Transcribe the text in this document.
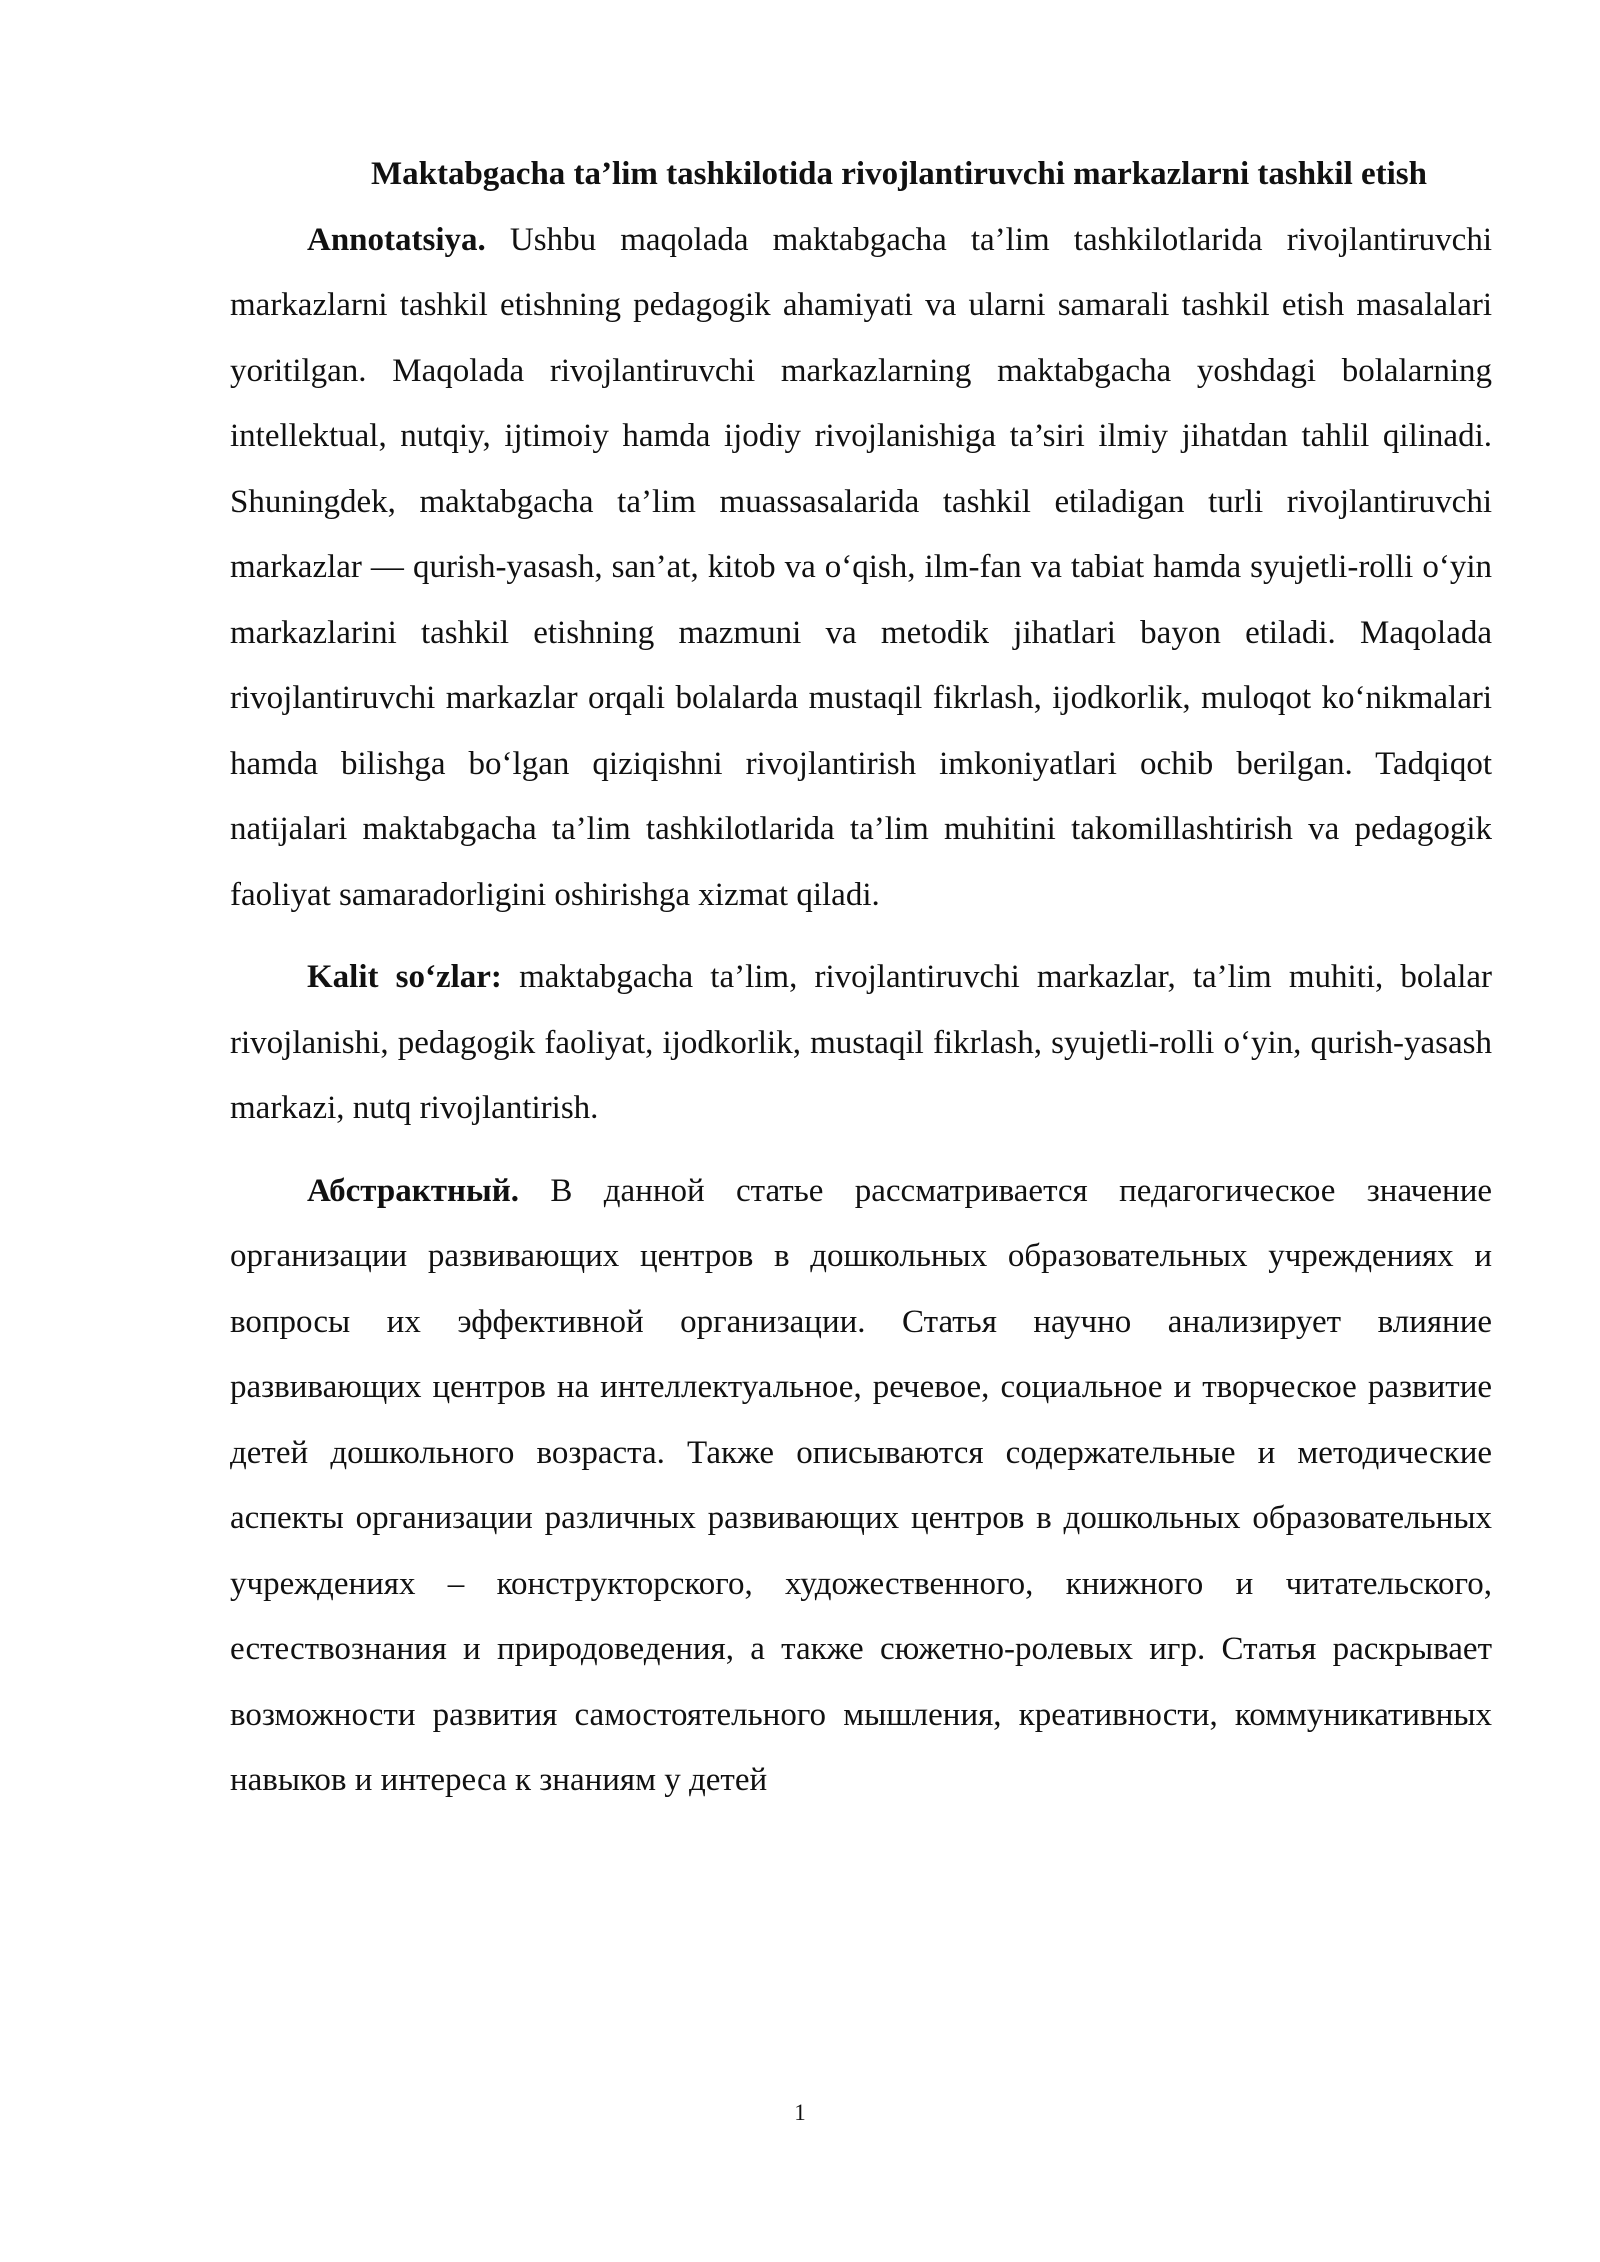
Maktabgacha ta’lim tashkilotida rivojlantiruvchi markazlarni tashkil etish

Annotatsiya. Ushbu maqolada maktabgacha ta’lim tashkilotlarida rivojlantiruvchi markazlarni tashkil etishning pedagogik ahamiyati va ularni samarali tashkil etish masalalari yoritilgan. Maqolada rivojlantiruvchi markazlarning maktabgacha yoshdagi bolalarning intellektual, nutqiy, ijtimoiy hamda ijodiy rivojlanishiga ta’siri ilmiy jihatdan tahlil qilinadi. Shuningdek, maktabgacha ta’lim muassasalarida tashkil etiladigan turli rivojlantiruvchi markazlar — qurish-yasash, san’at, kitob va o‘qish, ilm-fan va tabiat hamda syujetli-rolli o‘yin markazlarini tashkil etishning mazmuni va metodik jihatlari bayon etiladi. Maqolada rivojlantiruvchi markazlar orqali bolalarda mustaqil fikrlash, ijodkorlik, muloqot ko‘nikmalari hamda bilishga bo‘lgan qiziqishni rivojlantirish imkoniyatlari ochib berilgan. Tadqiqot natijalari maktabgacha ta’lim tashkilotlarida ta’lim muhitini takomillashtirish va pedagogik faoliyat samaradorligini oshirishga xizmat qiladi.

Kalit so‘zlar: maktabgacha ta’lim, rivojlantiruvchi markazlar, ta’lim muhiti, bolalar rivojlanishi, pedagogik faoliyat, ijodkorlik, mustaqil fikrlash, syujetli-rolli o‘yin, qurish-yasash markazi, nutq rivojlantirish.

Абстрактный. В данной статье рассматривается педагогическое значение организации развивающих центров в дошкольных образовательных учреждениях и вопросы их эффективной организации. Статья научно анализирует влияние развивающих центров на интеллектуальное, речевое, социальное и творческое развитие детей дошкольного возраста. Также описываются содержательные и методические аспекты организации различных развивающих центров в дошкольных образовательных учреждениях – конструкторского, художественного, книжного и читательского, естествознания и природоведения, а также сюжетно-ролевых игр. Статья раскрывает возможности развития самостоятельного мышления, креативности, коммуникативных навыков и интереса к знаниям у детей

1
